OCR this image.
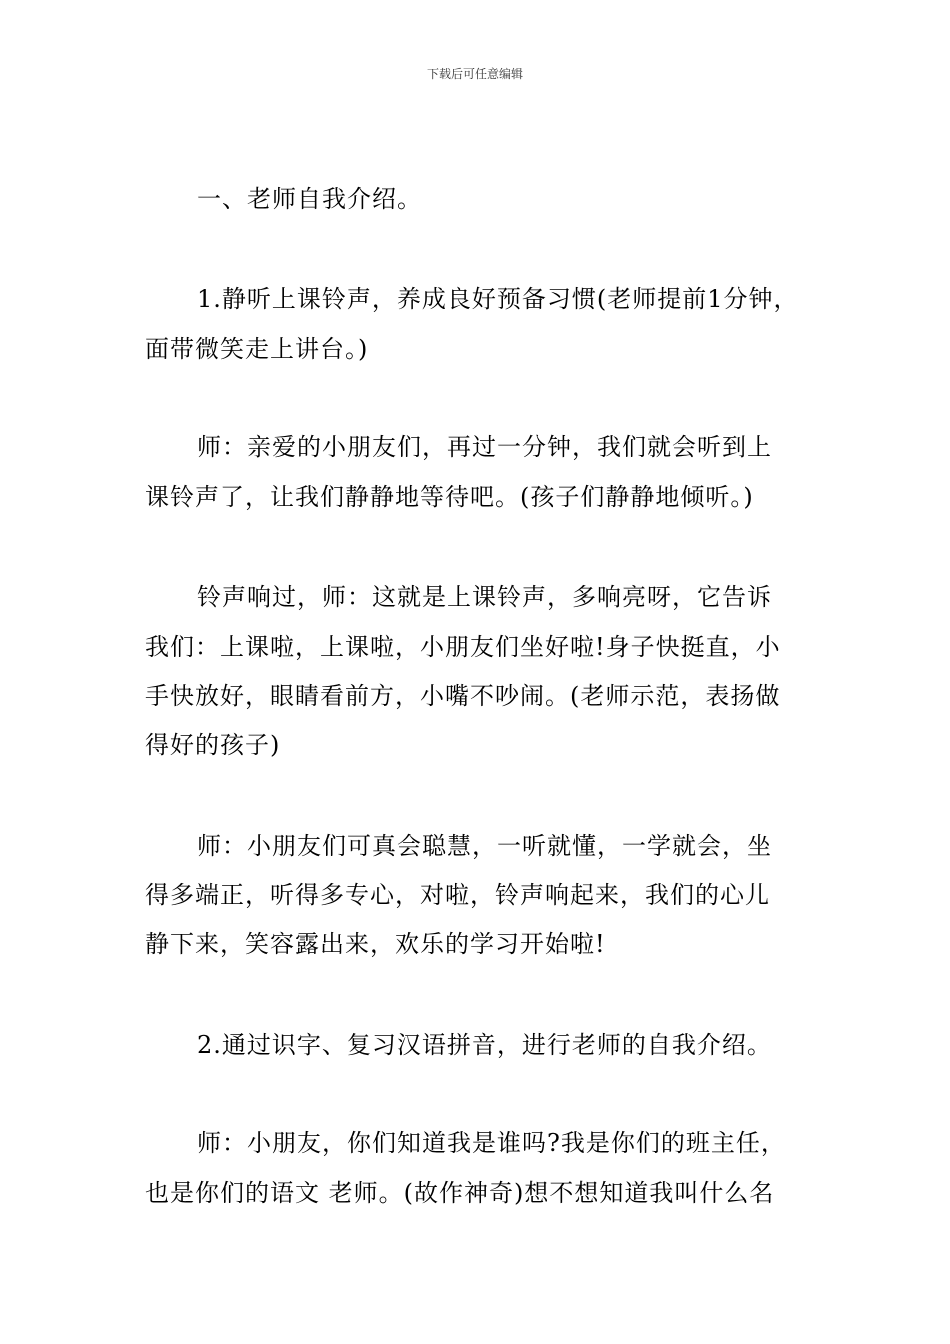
下载后可任意编辑
一、老师自我介绍。
1.静听上课铃声，养成良好预备习惯(老师提前1分钟，
面带微笑走上讲台。)
师：亲爱的小朋友们，再过一分钟，我们就会听到上
课铃声了，让我们静静地等待吧。(孩子们静静地倾听。)
铃声响过，师：这就是上课铃声，多响亮呀，它告诉
我们：上课啦，上课啦，小朋友们坐好啦!身子快挺直，小
手快放好，眼睛看前方，小嘴不吵闹。(老师示范，表扬做
得好的孩子)
师：小朋友们可真会聪慧，一听就懂，一学就会，坐
得多端正，听得多专心，对啦，铃声响起来，我们的心儿
静下来，笑容露出来，欢乐的学习开始啦!
2.通过识字、复习汉语拼音，进行老师的自我介绍。
师：小朋友，你们知道我是谁吗?我是你们的班主任，
也是你们的语文 老师。(故作神奇)想不想知道我叫什么名
